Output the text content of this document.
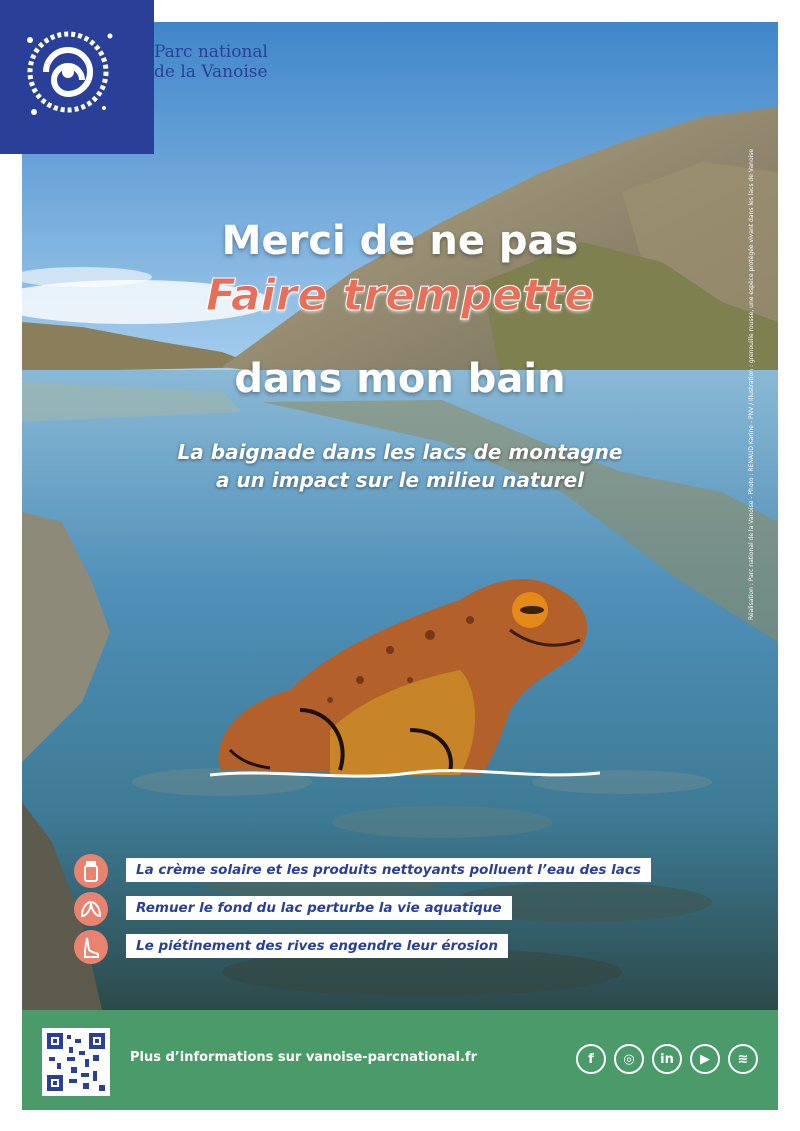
Parc national
de la Vanoise
Merci de ne pas
Faire trempette
dans mon bain
La baignade dans les lacs de montagne
a un impact sur le milieu naturel
La crème solaire et les produits nettoyants polluent l’eau des lacs
Remuer le fond du lac perturbe la vie aquatique
Le piétinement des rives engendre leur érosion
Réalisation : Parc national de la Vanoise - Photo : RENAUD Karine - PNV / Illustration : grenouille rousse, une espèce protégée vivant dans les lacs de Vanoise
Plus d’informations sur vanoise-parcnational.fr	f	◎	in	▶	≋
